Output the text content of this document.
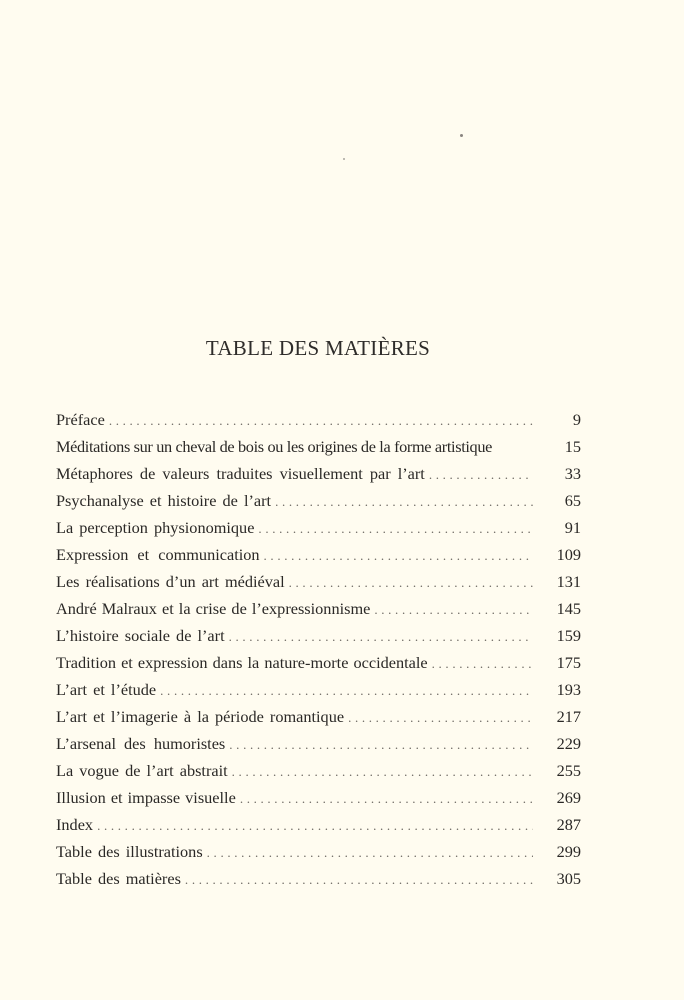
TABLE DES MATIÈRES
Préface . . .	9
Méditations sur un cheval de bois ou les origines de la forme artistique	15
Métaphores de valeurs traduites visuellement par l’art . . .	33
Psychanalyse et histoire de l’art . . .	65
La perception physionomique . . .	91
Expression et communication . . .	109
Les réalisations d’un art médiéval . . .	131
André Malraux et la crise de l’expressionnisme . . .	145
L’histoire sociale de l’art . . .	159
Tradition et expression dans la nature-morte occidentale . . .	175
L’art et l’étude . . .	193
L’art et l’imagerie à la période romantique . . .	217
L’arsenal des humoristes . . .	229
La vogue de l’art abstrait . . .	255
Illusion et impasse visuelle . . .	269
Index . . .	287
Table des illustrations . . .	299
Table des matières . . .	305
